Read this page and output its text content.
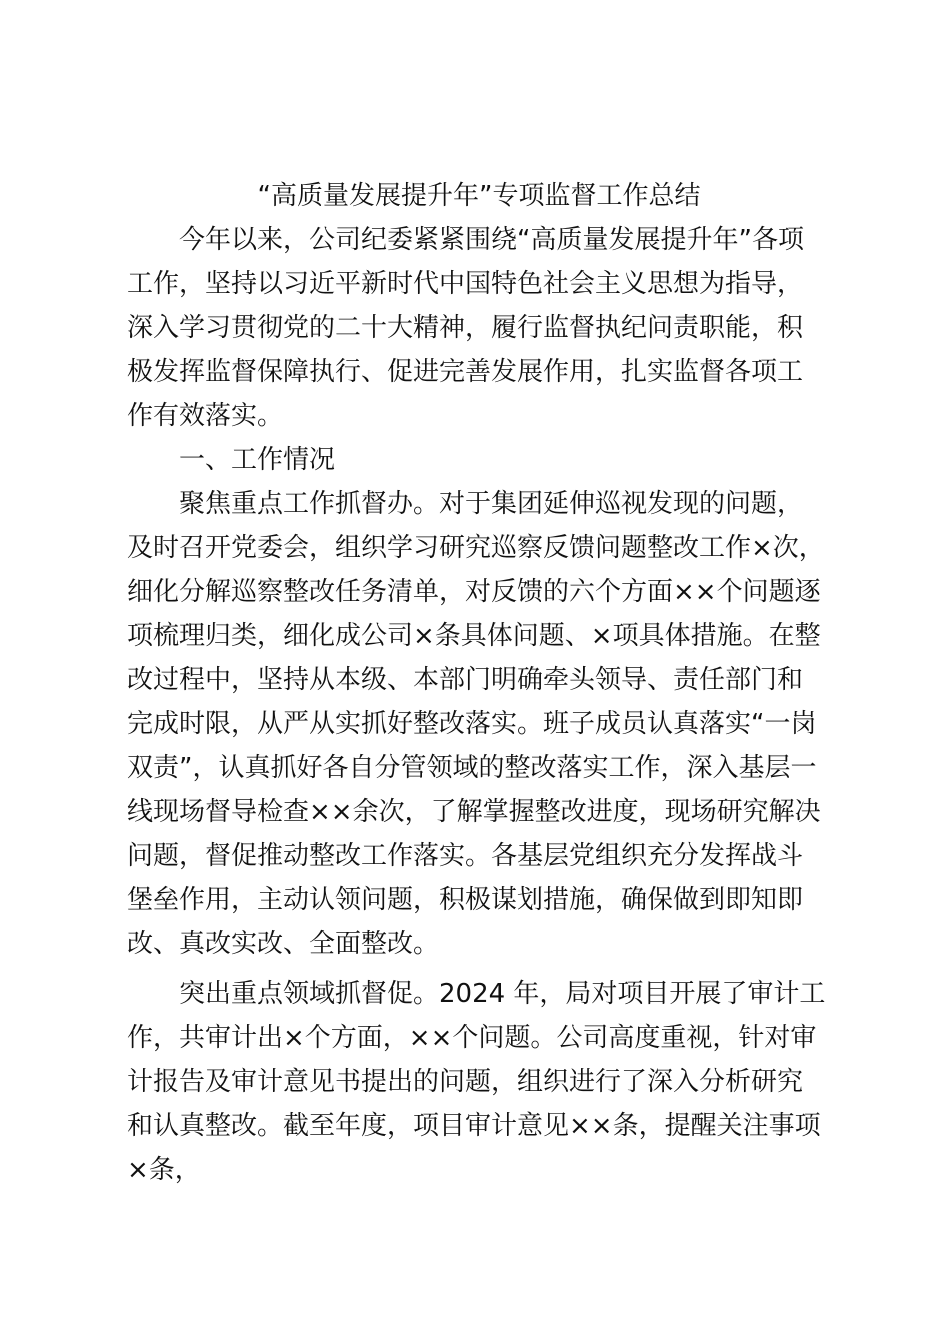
“高质量发展提升年”专项监督工作总结

今年以来，公司纪委紧紧围绕“高质量发展提升年”各项工作，坚持以习近平新时代中国特色社会主义思想为指导，深入学习贯彻党的二十大精神，履行监督执纪问责职能，积极发挥监督保障执行、促进完善发展作用，扎实监督各项工作有效落实。

一、工作情况

聚焦重点工作抓督办。对于集团延伸巡视发现的问题，及时召开党委会，组织学习研究巡察反馈问题整改工作×次，细化分解巡察整改任务清单，对反馈的六个方面××个问题逐项梳理归类，细化成公司×条具体问题、×项具体措施。在整改过程中，坚持从本级、本部门明确牵头领导、责任部门和完成时限，从严从实抓好整改落实。班子成员认真落实“一岗双责”，认真抓好各自分管领域的整改落实工作，深入基层一线现场督导检查××余次，了解掌握整改进度，现场研究解决问题，督促推动整改工作落实。各基层党组织充分发挥战斗堡垒作用，主动认领问题，积极谋划措施，确保做到即知即改、真改实改、全面整改。

突出重点领域抓督促。2024 年，局对项目开展了审计工作，共审计出×个方面，××个问题。公司高度重视，针对审计报告及审计意见书提出的问题，组织进行了深入分析研究和认真整改。截至年度，项目审计意见××条，提醒关注事项×条，
